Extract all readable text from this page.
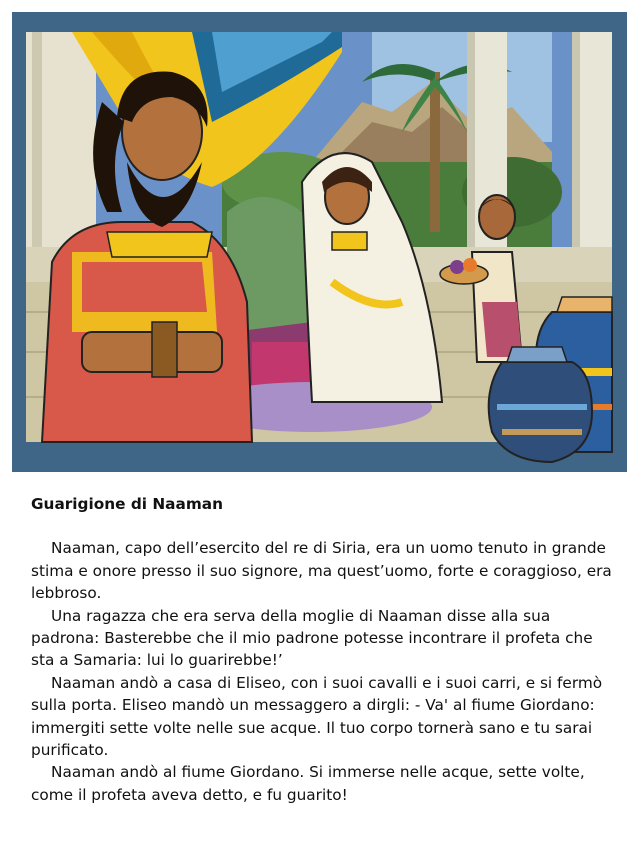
Guarigione di Naaman

Naaman, capo dell’esercito del re di Siria, era un uomo tenuto in grande stima e onore presso il suo signore, ma quest’uomo, forte e coraggioso, era lebbroso.

Una ragazza che era serva della moglie di Naaman disse alla sua padrona: Basterebbe che il mio padrone potesse incontrare il profeta che sta a Samaria: lui lo guarirebbe!’

Naaman andò a casa di Eliseo, con i suoi cavalli e i suoi carri, e si fermò sulla porta. Eliseo mandò un messaggero a dirgli: - Va' al fiume Giordano: immergiti sette volte nelle sue acque. Il tuo corpo tornerà sano e tu sarai purificato.

Naaman andò al fiume Giordano. Si immerse nelle acque, sette volte, come il profeta aveva detto, e fu guarito!
